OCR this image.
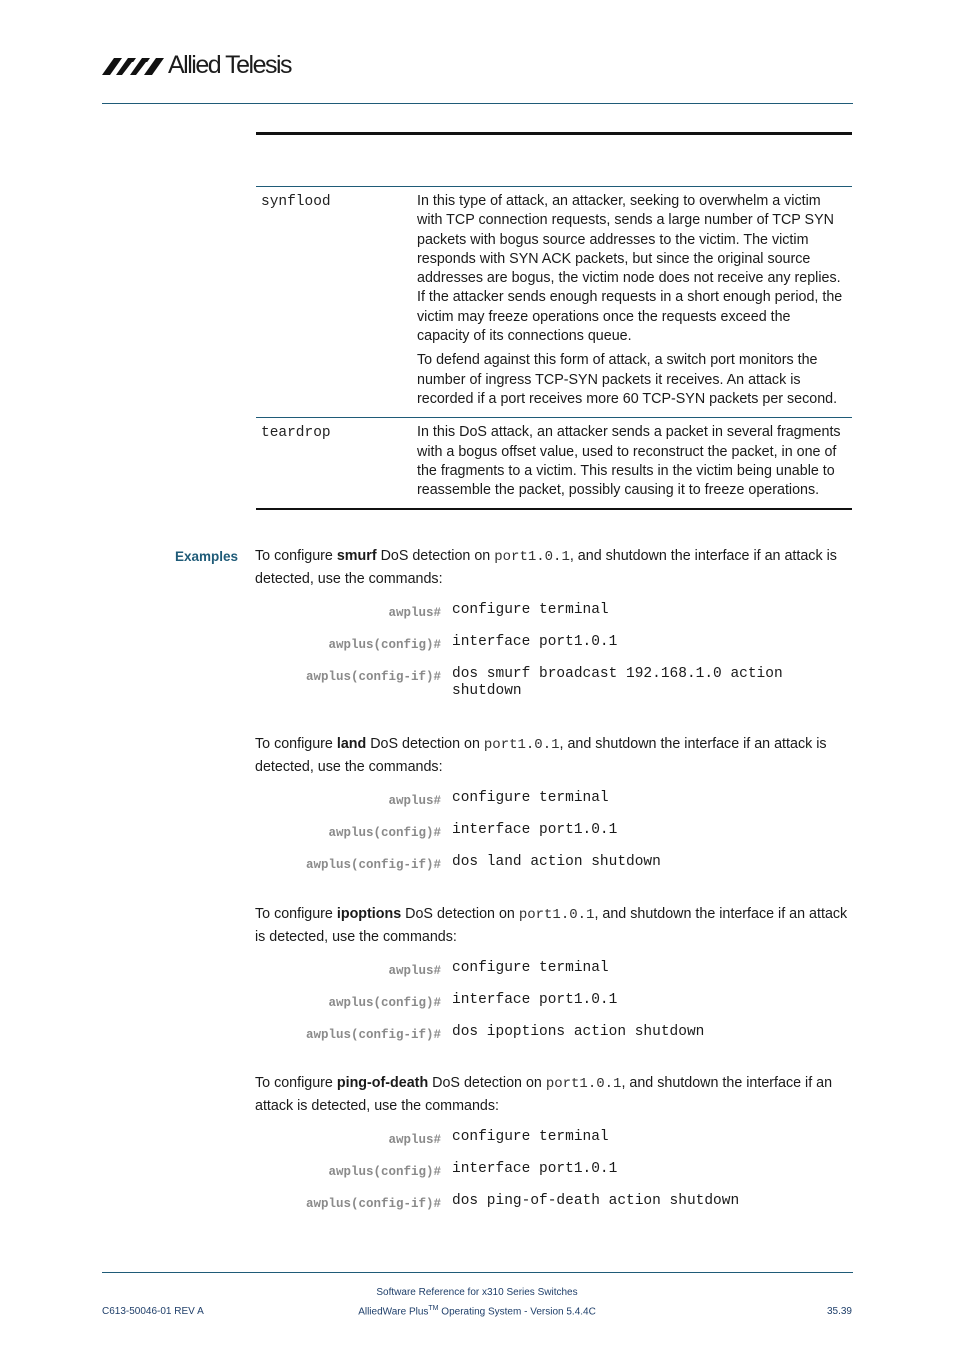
Allied Telesis
synflood	In this type of attack, an attacker, seeking to overwhelm a victim with TCP connection requests, sends a large number of TCP SYN packets with bogus source addresses to the victim. The victim responds with SYN ACK packets, but since the original source addresses are bogus, the victim node does not receive any replies. If the attacker sends enough requests in a short enough period, the victim may freeze operations once the requests exceed the capacity of its connections queue.

To defend against this form of attack, a switch port monitors the number of ingress TCP-SYN packets it receives. An attack is recorded if a port receives more 60 TCP-SYN packets per second.

teardrop	In this DoS attack, an attacker sends a packet in several fragments with a bogus offset value, used to reconstruct the packet, in one of the fragments to a victim. This results in the victim being unable to reassemble the packet, possibly causing it to freeze operations.

Examples To configure smurf DoS detection on port1.0.1, and shutdown the interface if an attack is detected, use the commands:

awplus# configure terminal
awplus(config)# interface port1.0.1
awplus(config-if)# dos smurf broadcast 192.168.1.0 action shutdown

To configure land DoS detection on port1.0.1, and shutdown the interface if an attack is detected, use the commands:

awplus# configure terminal
awplus(config)# interface port1.0.1
awplus(config-if)# dos land action shutdown

To configure ipoptions DoS detection on port1.0.1, and shutdown the interface if an attack is detected, use the commands:

awplus# configure terminal
awplus(config)# interface port1.0.1
awplus(config-if)# dos ipoptions action shutdown

To configure ping-of-death DoS detection on port1.0.1, and shutdown the interface if an attack is detected, use the commands:

awplus# configure terminal
awplus(config)# interface port1.0.1
awplus(config-if)# dos ping-of-death action shutdown
Software Reference for x310 Series Switches
AlliedWare Plus™ Operating System - Version 5.4.4C
C613-50046-01 REV A	35.39
